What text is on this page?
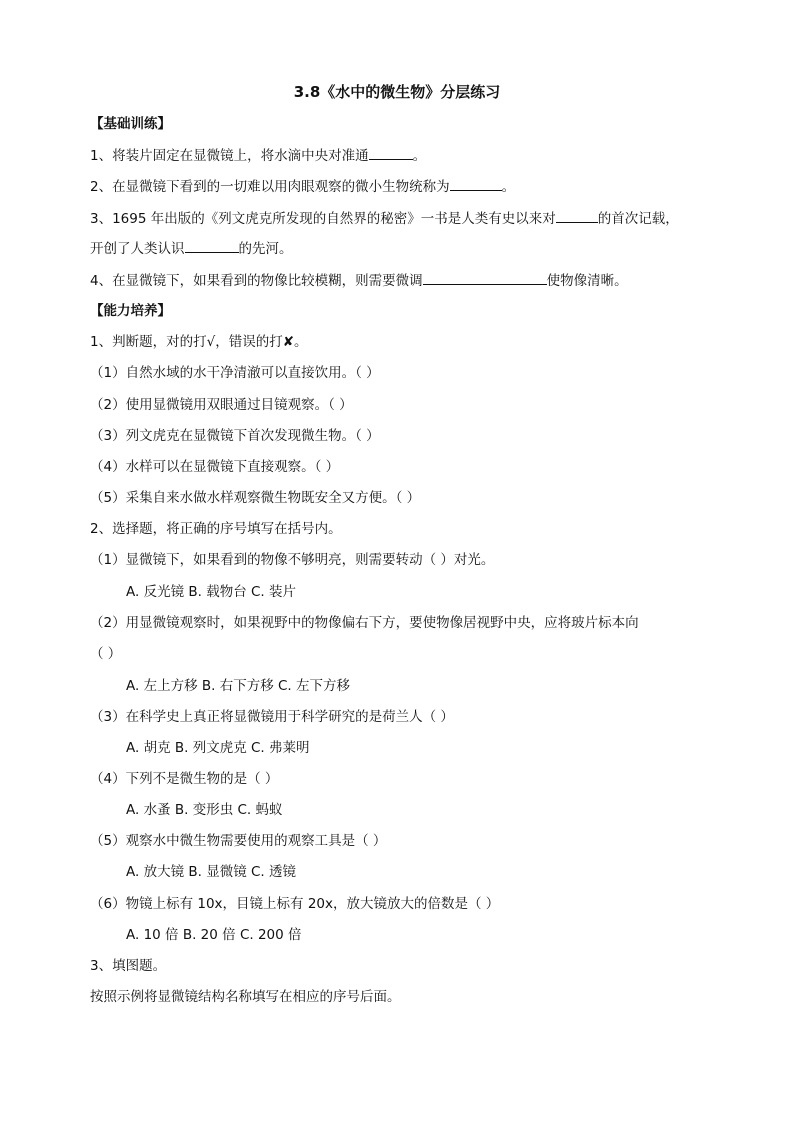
3.8《水中的微生物》分层练习
【基础训练】
1、将装片固定在显微镜上，将水滴中央对准通	。
2、在显微镜下看到的一切难以用肉眼观察的微小生物统称为	。
3、1695 年出版的《列文虎克所发现的自然界的秘密》一书是人类有史以来对	的首次记载，
开创了人类认识	的先河。
4、在显微镜下，如果看到的物像比较模糊，则需要微调	使物像清晰。
【能力培养】
1、判断题，对的打√，错误的打✘。
（1）自然水域的水干净清澈可以直接饮用。（ ）
（2）使用显微镜用双眼通过目镜观察。（ ）
（3）列文虎克在显微镜下首次发现微生物。（ ）
（4）水样可以在显微镜下直接观察。（ ）
（5）采集自来水做水样观察微生物既安全又方便。（ ）
2、选择题，将正确的序号填写在括号内。
（1）显微镜下，如果看到的物像不够明亮，则需要转动（ ）对光。
A. 反光镜 B. 载物台 C. 装片
（2）用显微镜观察时，如果视野中的物像偏右下方，要使物像居视野中央，应将玻片标本向
（ ）
A. 左上方移 B. 右下方移 C. 左下方移
（3）在科学史上真正将显微镜用于科学研究的是荷兰人（ ）
A. 胡克 B. 列文虎克 C. 弗莱明
（4）下列不是微生物的是（ ）
A. 水蚤 B. 变形虫 C. 蚂蚁
（5）观察水中微生物需要使用的观察工具是（ ）
A. 放大镜 B. 显微镜 C. 透镜
（6）物镜上标有 10x，目镜上标有 20x，放大镜放大的倍数是（ ）
A. 10 倍 B. 20 倍 C. 200 倍
3、填图题。
按照示例将显微镜结构名称填写在相应的序号后面。
